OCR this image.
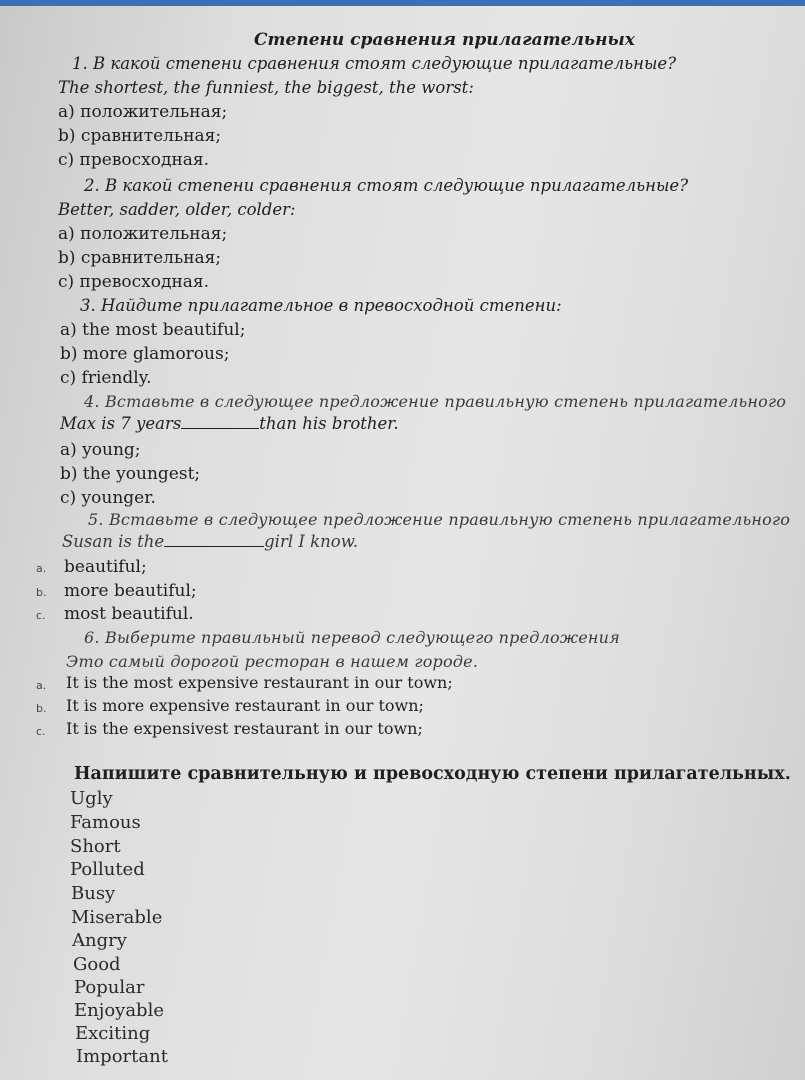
Степени сравнения прилагательных
1. В какой степени сравнения стоят следующие прилагательные?
The shortest, the funniest, the biggest, the worst:
а) положительная;
b) сравнительная;
с) превосходная.
2. В какой степени сравнения стоят следующие прилагательные?
Better, sadder, older, colder:
а) положительная;
b) сравнительная;
с) превосходная.
3. Найдите прилагательное в превосходной степени:
a) the most beautiful;
b) more glamorous;
c) friendly.
4. Вставьте в следующее предложение правильную степень прилагательного
Max is 7 years	than his brother.
a) young;
b) the youngest;
c) younger.
5. Вставьте в следующее предложение правильную степень прилагательного
Susan is the	girl I know.
a. beautiful;
b. more beautiful;
c. most beautiful.
6. Выберите правильный перевод следующего предложения
Это самый дорогой ресторан в нашем городе.
a. It is the most expensive restaurant in our town;
b. It is more expensive restaurant in our town;
c. It is the expensivest restaurant in our town;
Напишите сравнительную и превосходную степени прилагательных.
Ugly
Famous
Short
Polluted
Busy
Miserable
Angry
Good
Popular
Enjoyable
Exciting
Important
